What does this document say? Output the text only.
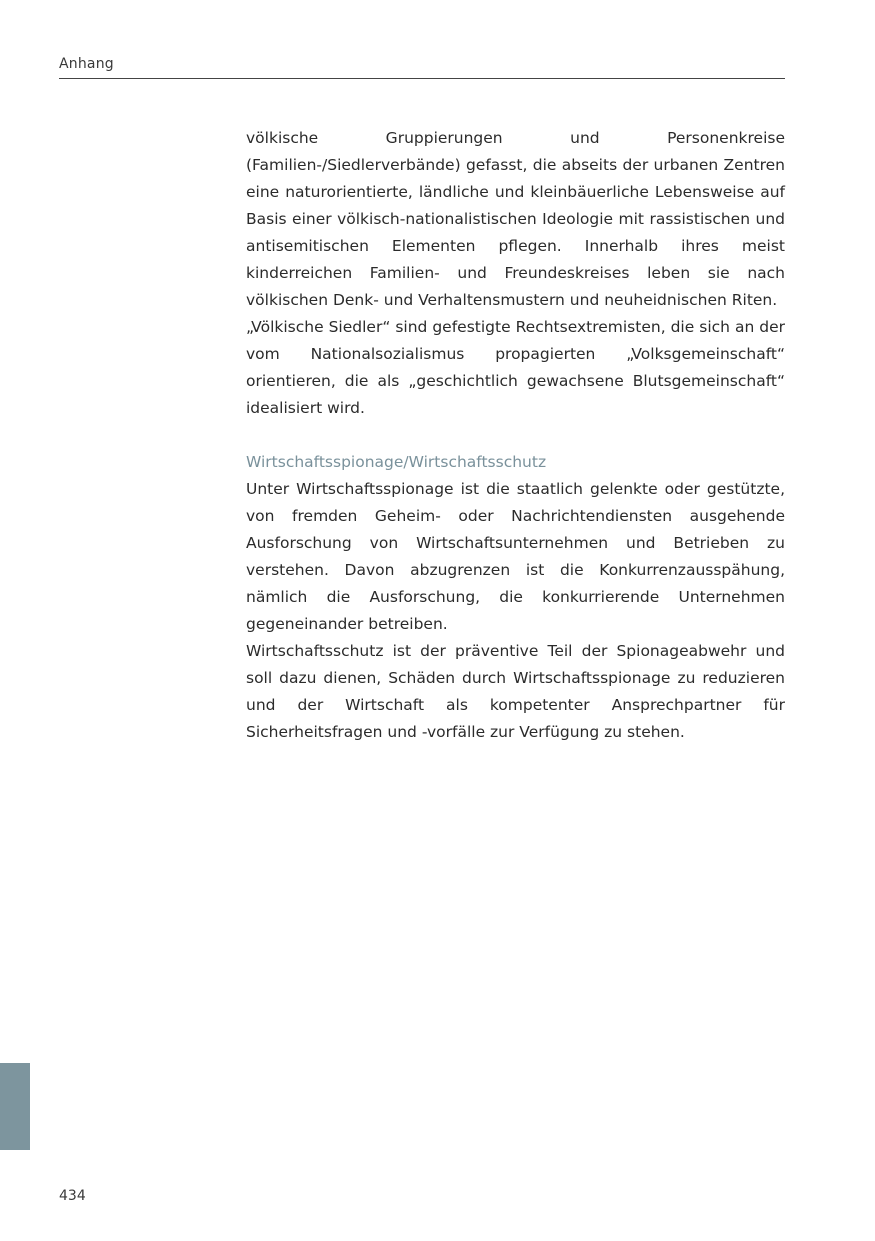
Anhang

völkische Gruppierungen und Personenkreise (Familien-/Siedlerverbände) gefasst, die abseits der urbanen Zentren eine naturorientierte, ländliche und kleinbäuerliche Lebensweise auf Basis einer völkisch-nationalistischen Ideologie mit rassistischen und antisemitischen Elementen pflegen. Innerhalb ihres meist kinderreichen Familien- und Freundeskreises leben sie nach völkischen Denk- und Verhaltensmustern und neuheidnischen Riten.

„Völkische Siedler“ sind gefestigte Rechtsextremisten, die sich an der vom Nationalsozialismus propagierten „Volksgemeinschaft“ orientieren, die als „geschichtlich gewachsene Blutsgemeinschaft“ idealisiert wird.

Wirtschaftsspionage/Wirtschaftsschutz

Unter Wirtschaftsspionage ist die staatlich gelenkte oder gestützte, von fremden Geheim- oder Nachrichtendiensten ausgehende Ausforschung von Wirtschaftsunternehmen und Betrieben zu verstehen. Davon abzugrenzen ist die Konkurrenzausspähung, nämlich die Ausforschung, die konkurrierende Unternehmen gegeneinander betreiben.

Wirtschaftsschutz ist der präventive Teil der Spionageabwehr und soll dazu dienen, Schäden durch Wirtschaftsspionage zu reduzieren und der Wirtschaft als kompetenter Ansprechpartner für Sicherheitsfragen und -vorfälle zur Verfügung zu stehen.

434
